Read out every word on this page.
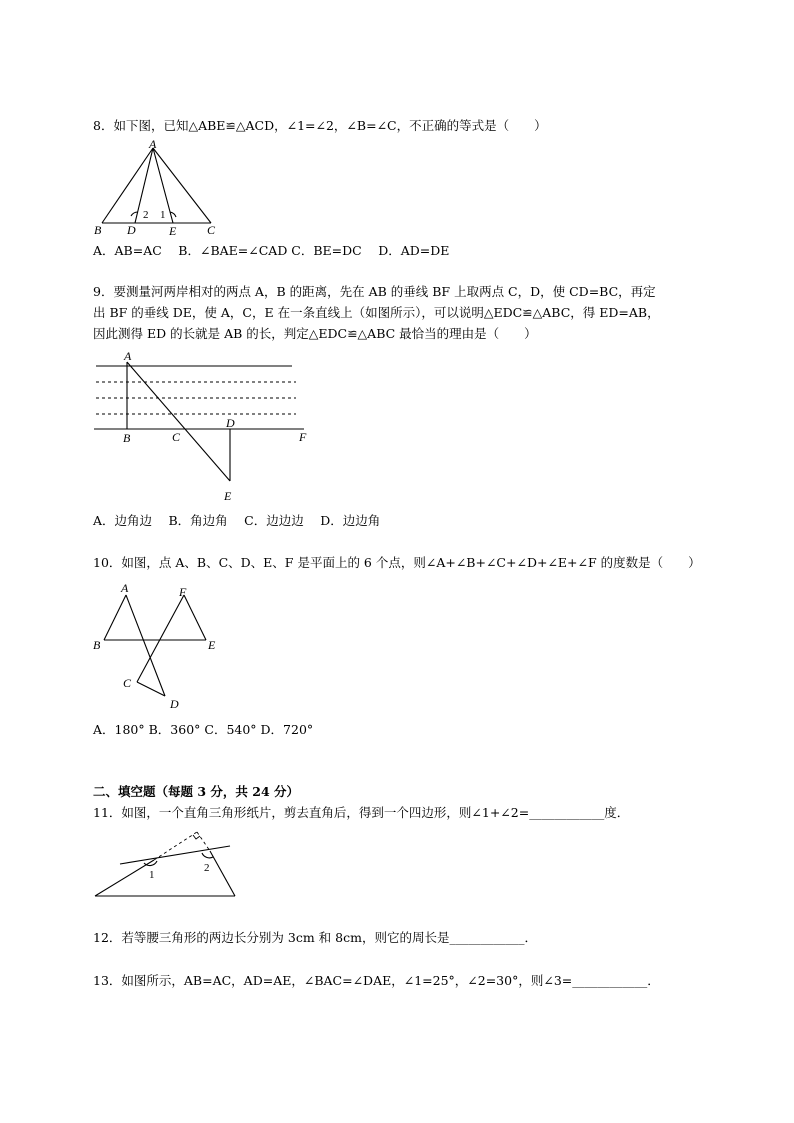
8．如下图，已知△ABE≌△ACD，∠1=∠2，∠B=∠C，不正确的等式是（　　）
A
B D	E	C
2 1
A．AB=AC　 B．∠BAE=∠CAD C．BE=DC　 D．AD=DE
9．要测量河两岸相对的两点 A，B 的距离，先在 AB 的垂线 BF 上取两点 C，D，使 CD=BC，再定
出 BF 的垂线 DE，使 A，C，E 在一条直线上（如图所示），可以说明△EDC≌△ABC，得 ED=AB，
因此测得 ED 的长就是 AB 的长，判定△EDC≌△ABC 最恰当的理由是（　　）
A
B	C
D
F
E
A．边角边　 B．角边角　 C．边边边　 D．边边角
10．如图，点 A、B、C、D、E、F 是平面上的 6 个点，则∠A+∠B+∠C+∠D+∠E+∠F 的度数是（　　）
A	F
B	E
C
D
A．180° B．360° C．540° D．720°
二、填空题（每题 3 分，共 24 分）
11．如图，一个直角三角形纸片，剪去直角后，得到一个四边形，则∠1+∠2=____________度．
1
2
12．若等腰三角形的两边长分别为 3cm 和 8cm，则它的周长是____________．
13．如图所示，AB=AC，AD=AE，∠BAC=∠DAE，∠1=25°，∠2=30°，则∠3=____________．
